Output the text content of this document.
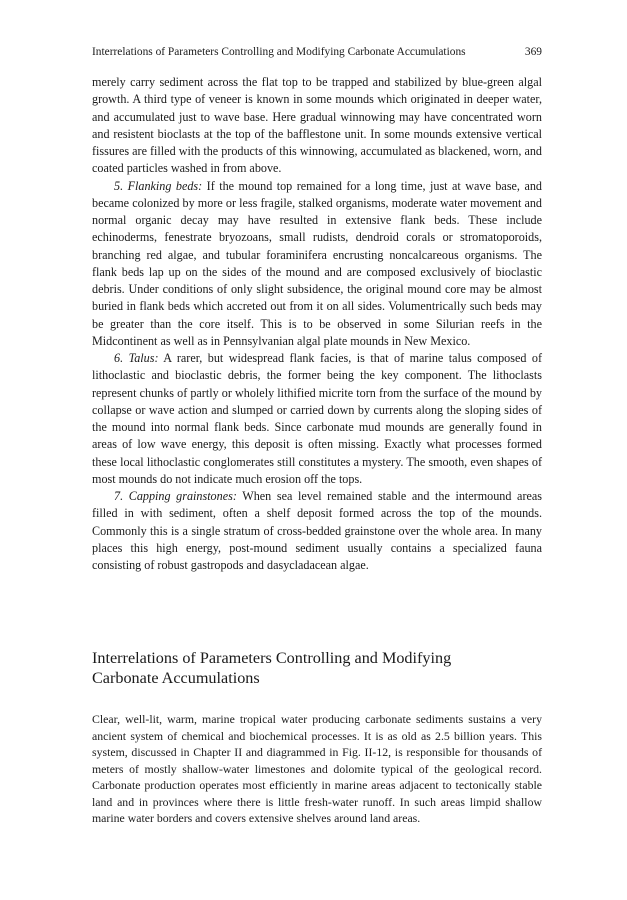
Interrelations of Parameters Controlling and Modifying Carbonate Accumulations	369

merely carry sediment across the flat top to be trapped and stabilized by blue-green algal growth. A third type of veneer is known in some mounds which originated in deeper water, and accumulated just to wave base. Here gradual winnowing may have concentrated worn and resistent bioclasts at the top of the bafflestone unit. In some mounds extensive vertical fissures are filled with the products of this winnowing, accumulated as blackened, worn, and coated particles washed in from above.

5. Flanking beds: If the mound top remained for a long time, just at wave base, and became colonized by more or less fragile, stalked organisms, moderate water movement and normal organic decay may have resulted in extensive flank beds. These include echinoderms, fenestrate bryozoans, small rudists, dendroid corals or stromatoporoids, branching red algae, and tubular foraminifera encrusting noncalcareous organisms. The flank beds lap up on the sides of the mound and are composed exclusively of bioclastic debris. Under conditions of only slight subsidence, the original mound core may be almost buried in flank beds which accreted out from it on all sides. Volumentrically such beds may be greater than the core itself. This is to be observed in some Silurian reefs in the Midcontinent as well as in Pennsylvanian algal plate mounds in New Mexico.

6. Talus: A rarer, but widespread flank facies, is that of marine talus composed of lithoclastic and bioclastic debris, the former being the key component. The lithoclasts represent chunks of partly or wholely lithified micrite torn from the surface of the mound by collapse or wave action and slumped or carried down by currents along the sloping sides of the mound into normal flank beds. Since carbonate mud mounds are generally found in areas of low wave energy, this deposit is often missing. Exactly what processes formed these local lithoclastic conglomerates still constitutes a mystery. The smooth, even shapes of most mounds do not indicate much erosion off the tops.

7. Capping grainstones: When sea level remained stable and the intermound areas filled in with sediment, often a shelf deposit formed across the top of the mounds. Commonly this is a single stratum of cross-bedded grainstone over the whole area. In many places this high energy, post-mound sediment usually contains a specialized fauna consisting of robust gastropods and dasycladacean algae.

Interrelations of Parameters Controlling and Modifying
Carbonate Accumulations

Clear, well-lit, warm, marine tropical water producing carbonate sediments sustains a very ancient system of chemical and biochemical processes. It is as old as 2.5 billion years. This system, discussed in Chapter II and diagrammed in Fig. II-12, is responsible for thousands of meters of mostly shallow-water limestones and dolomite typical of the geological record. Carbonate production operates most efficiently in marine areas adjacent to tectonically stable land and in provinces where there is little fresh-water runoff. In such areas limpid shallow marine water borders and covers extensive shelves around land areas.
